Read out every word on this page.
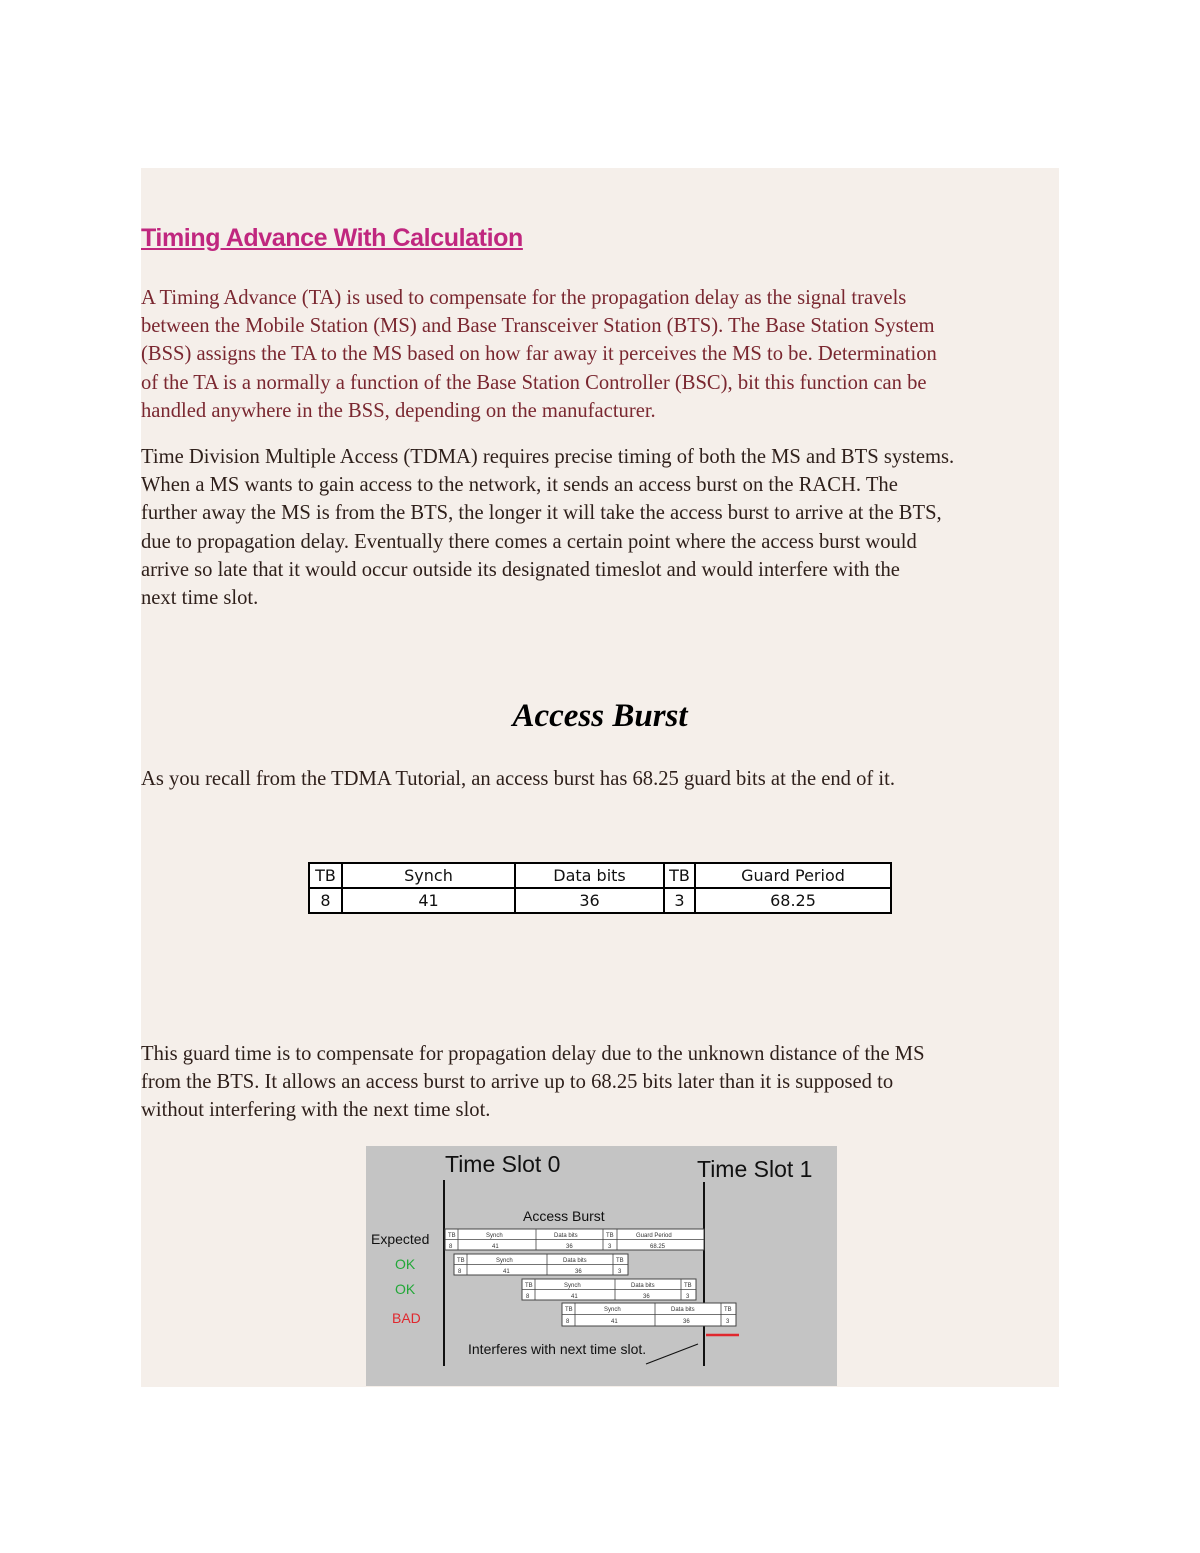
Timing Advance With Calculation
A Timing Advance (TA) is used to compensate for the propagation delay as the signal travels
between the Mobile Station (MS) and Base Transceiver Station (BTS). The Base Station System
(BSS) assigns the TA to the MS based on how far away it perceives the MS to be. Determination
of the TA is a normally a function of the Base Station Controller (BSC), bit this function can be
handled anywhere in the BSS, depending on the manufacturer.
Time Division Multiple Access (TDMA) requires precise timing of both the MS and BTS systems.
When a MS wants to gain access to the network, it sends an access burst on the RACH. The
further away the MS is from the BTS, the longer it will take the access burst to arrive at the BTS,
due to propagation delay. Eventually there comes a certain point where the access burst would
arrive so late that it would occur outside its designated timeslot and would interfere with the
next time slot.
Access Burst
As you recall from the TDMA Tutorial, an access burst has 68.25 guard bits at the end of it.
TB	Synch	Data bits	TB	Guard Period
8	41	36	3	68.25
This guard time is to compensate for propagation delay due to the unknown distance of the MS
from the BTS. It allows an access burst to arrive up to 68.25 bits later than it is supposed to
without interfering with the next time slot.
Time Slot 0	Time Slot 1
Access Burst
Expected
OK
OK
BAD
TB	Synch	Data bits	TB	Guard Period
8	41	36	3	68.25
TB	Synch	Data bits	TB
8	41	36	3
TB	Synch	Data bits	TB
8	41	36	3
TB	Synch	Data bits	TB
8	41	36	3
Interferes with next time slot.
